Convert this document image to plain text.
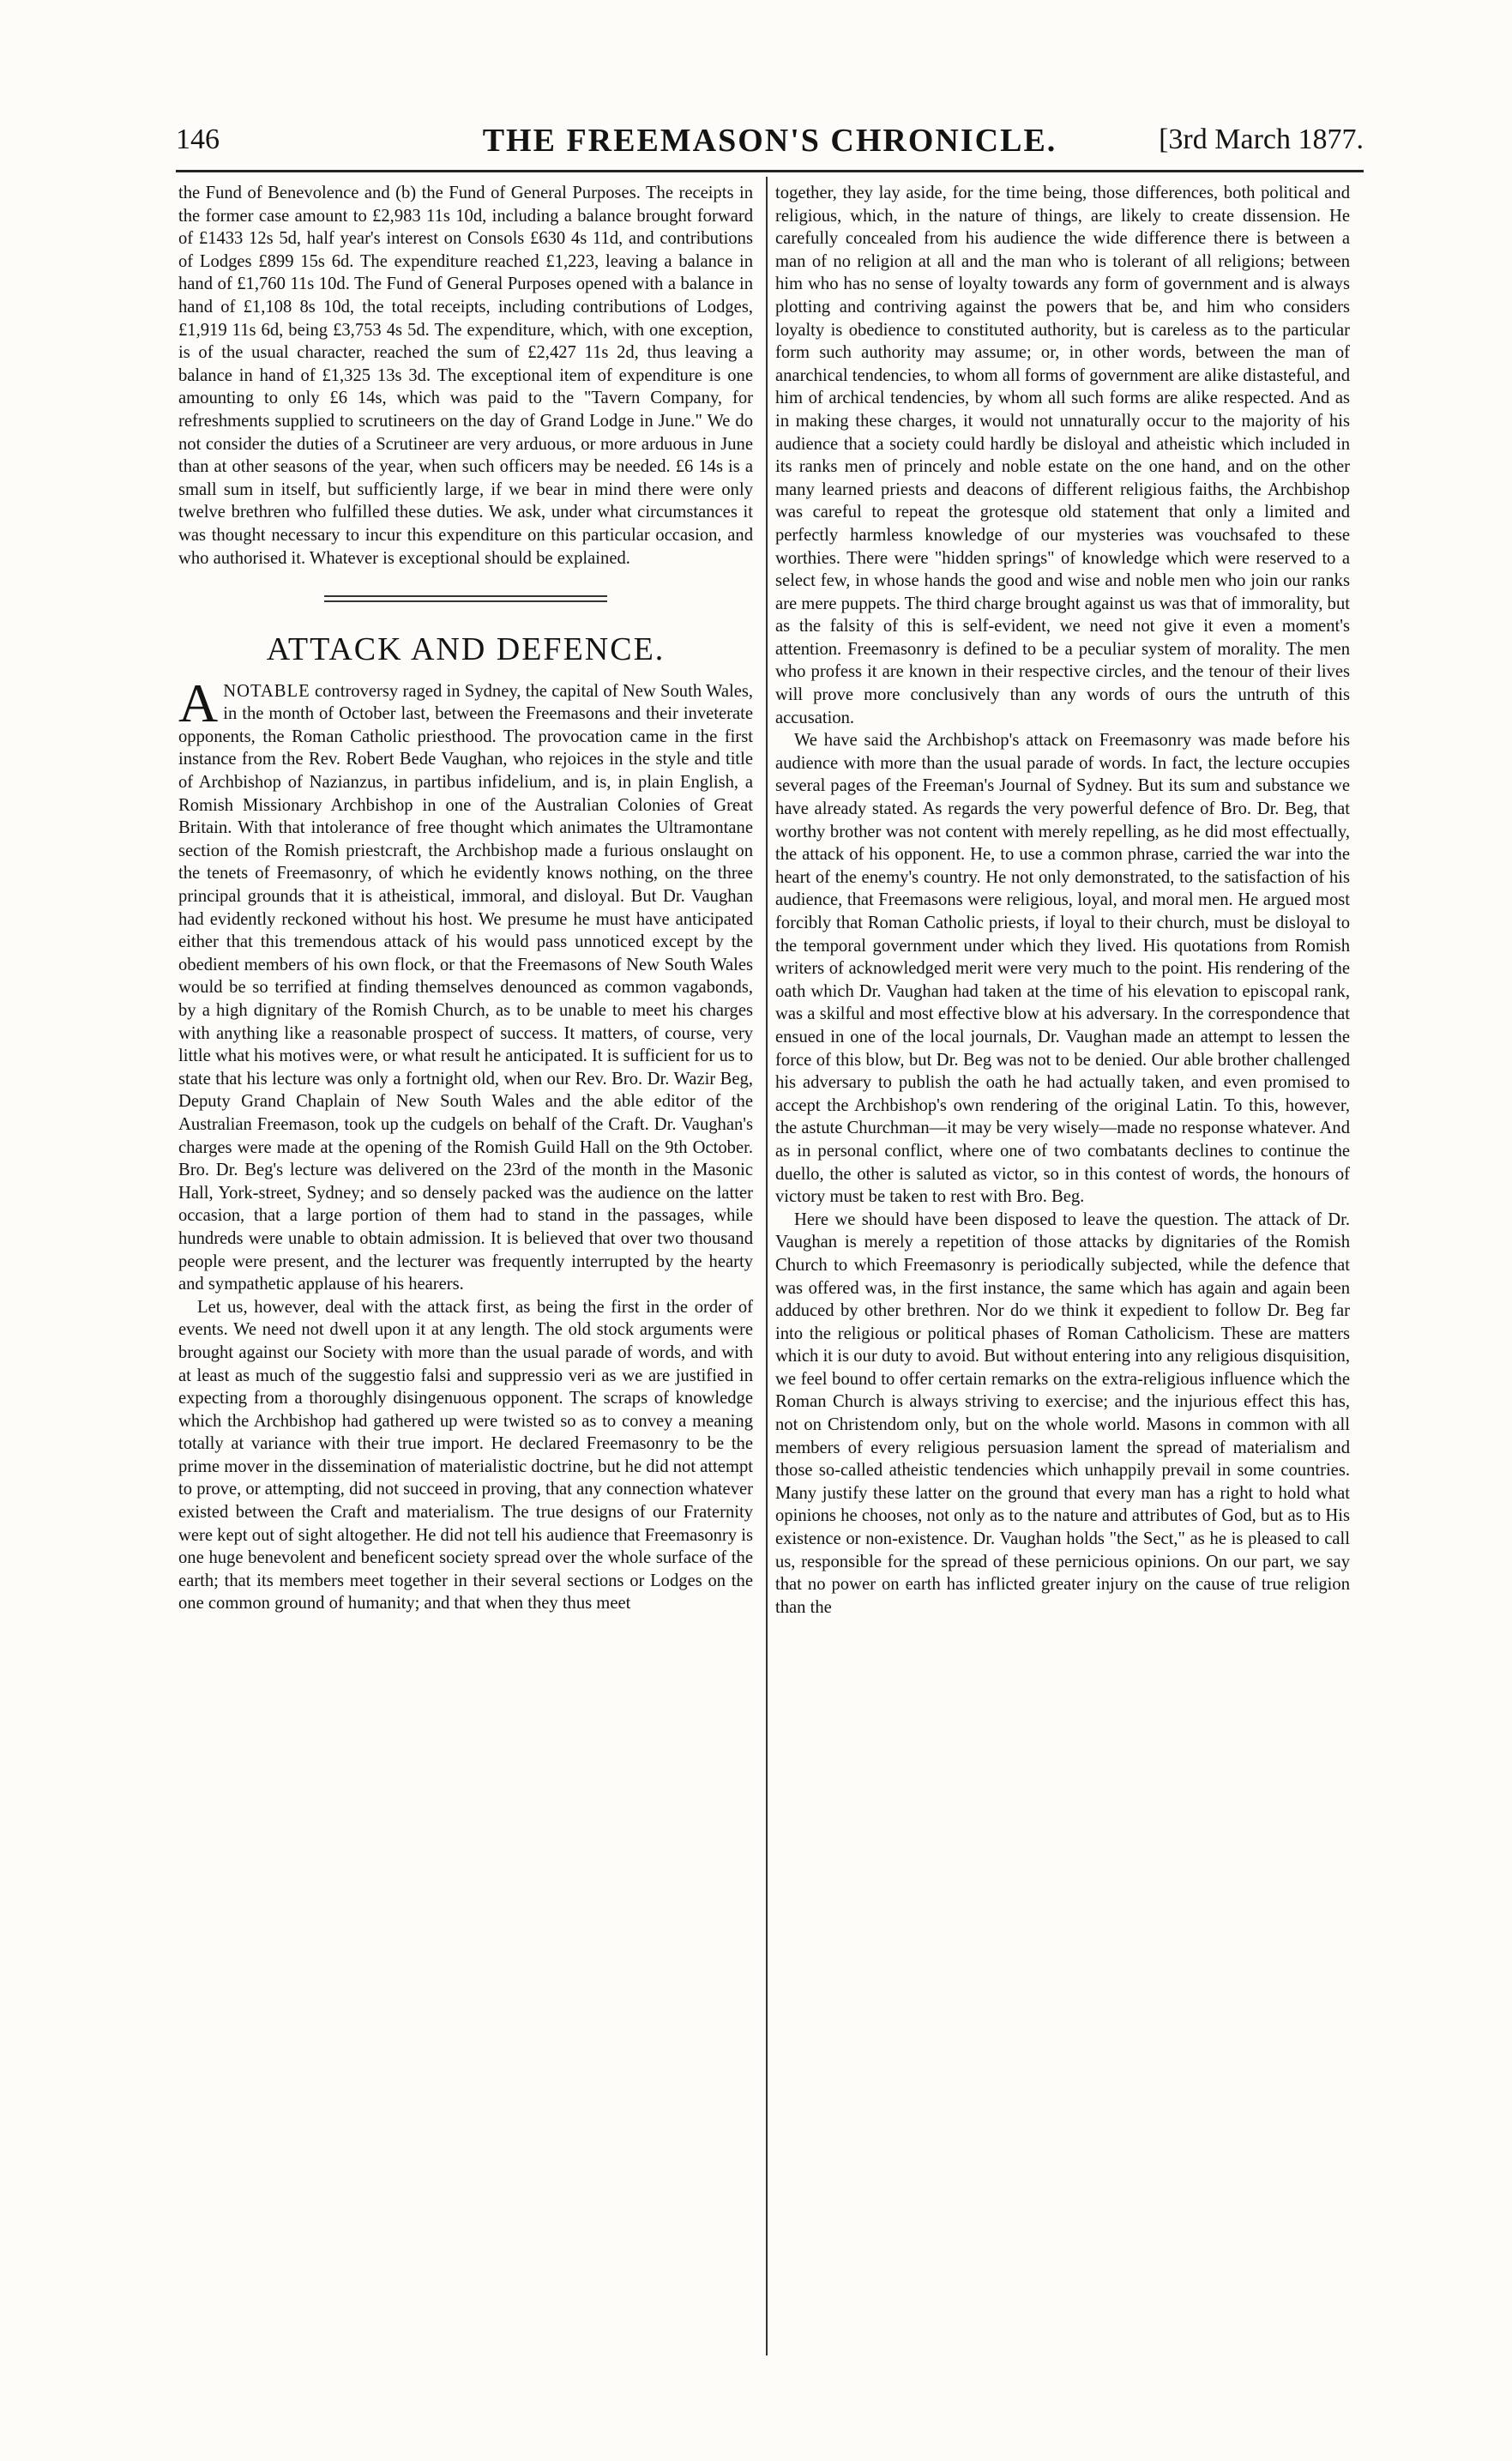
146	THE FREEMASON'S CHRONICLE.	[3rd March 1877.

the Fund of Benevolence and (b) the Fund of General Purposes. The receipts in the former case amount to £2,983 11s 10d, including a balance brought forward of £1433 12s 5d, half year's interest on Consols £630 4s 11d, and contributions of Lodges £899 15s 6d. The expenditure reached £1,223, leaving a balance in hand of £1,760 11s 10d. The Fund of General Purposes opened with a balance in hand of £1,108 8s 10d, the total receipts, including contributions of Lodges, £1,919 11s 6d, being £3,753 4s 5d. The expenditure, which, with one exception, is of the usual character, reached the sum of £2,427 11s 2d, thus leaving a balance in hand of £1,325 13s 3d. The exceptional item of expenditure is one amounting to only £6 14s, which was paid to the "Tavern Company, for refreshments supplied to scrutineers on the day of Grand Lodge in June." We do not consider the duties of a Scrutineer are very arduous, or more arduous in June than at other seasons of the year, when such officers may be needed. £6 14s is a small sum in itself, but sufficiently large, if we bear in mind there were only twelve brethren who fulfilled these duties. We ask, under what circumstances it was thought necessary to incur this expenditure on this particular occasion, and who authorised it. Whatever is exceptional should be explained.

ATTACK AND DEFENCE.

ANOTABLE controversy raged in Sydney, the capital of New South Wales, in the month of October last, between the Freemasons and their inveterate opponents, the Roman Catholic priesthood. The provocation came in the first instance from the Rev. Robert Bede Vaughan, who rejoices in the style and title of Archbishop of Nazianzus, in partibus infidelium, and is, in plain English, a Romish Missionary Archbishop in one of the Australian Colonies of Great Britain. With that intolerance of free thought which animates the Ultramontane section of the Romish priestcraft, the Archbishop made a furious onslaught on the tenets of Freemasonry, of which he evidently knows nothing, on the three principal grounds that it is atheistical, immoral, and disloyal. But Dr. Vaughan had evidently reckoned without his host. We presume he must have anticipated either that this tremendous attack of his would pass unnoticed except by the obedient members of his own flock, or that the Freemasons of New South Wales would be so terrified at finding themselves denounced as common vagabonds, by a high dignitary of the Romish Church, as to be unable to meet his charges with anything like a reasonable prospect of success. It matters, of course, very little what his motives were, or what result he anticipated. It is sufficient for us to state that his lecture was only a fortnight old, when our Rev. Bro. Dr. Wazir Beg, Deputy Grand Chaplain of New South Wales and the able editor of the Australian Freemason, took up the cudgels on behalf of the Craft. Dr. Vaughan's charges were made at the opening of the Romish Guild Hall on the 9th October. Bro. Dr. Beg's lecture was delivered on the 23rd of the month in the Masonic Hall, York-street, Sydney; and so densely packed was the audience on the latter occasion, that a large portion of them had to stand in the passages, while hundreds were unable to obtain admission. It is believed that over two thousand people were present, and the lecturer was frequently interrupted by the hearty and sympathetic applause of his hearers.

Let us, however, deal with the attack first, as being the first in the order of events. We need not dwell upon it at any length. The old stock arguments were brought against our Society with more than the usual parade of words, and with at least as much of the suggestio falsi and suppressio veri as we are justified in expecting from a thoroughly disingenuous opponent. The scraps of knowledge which the Archbishop had gathered up were twisted so as to convey a meaning totally at variance with their true import. He declared Freemasonry to be the prime mover in the dissemination of materialistic doctrine, but he did not attempt to prove, or attempting, did not succeed in proving, that any connection whatever existed between the Craft and materialism. The true designs of our Fraternity were kept out of sight altogether. He did not tell his audience that Freemasonry is one huge benevolent and beneficent society spread over the whole surface of the earth; that its members meet together in their several sections or Lodges on the one common ground of humanity; and that when they thus meet

together, they lay aside, for the time being, those differences, both political and religious, which, in the nature of things, are likely to create dissension. He carefully concealed from his audience the wide difference there is between a man of no religion at all and the man who is tolerant of all religions; between him who has no sense of loyalty towards any form of government and is always plotting and contriving against the powers that be, and him who considers loyalty is obedience to constituted authority, but is careless as to the particular form such authority may assume; or, in other words, between the man of anarchical tendencies, to whom all forms of government are alike distasteful, and him of archical tendencies, by whom all such forms are alike respected. And as in making these charges, it would not unnaturally occur to the majority of his audience that a society could hardly be disloyal and atheistic which included in its ranks men of princely and noble estate on the one hand, and on the other many learned priests and deacons of different religious faiths, the Archbishop was careful to repeat the grotesque old statement that only a limited and perfectly harmless knowledge of our mysteries was vouchsafed to these worthies. There were "hidden springs" of knowledge which were reserved to a select few, in whose hands the good and wise and noble men who join our ranks are mere puppets. The third charge brought against us was that of immorality, but as the falsity of this is self-evident, we need not give it even a moment's attention. Freemasonry is defined to be a peculiar system of morality. The men who profess it are known in their respective circles, and the tenour of their lives will prove more conclusively than any words of ours the untruth of this accusation.

We have said the Archbishop's attack on Freemasonry was made before his audience with more than the usual parade of words. In fact, the lecture occupies several pages of the Freeman's Journal of Sydney. But its sum and substance we have already stated. As regards the very powerful defence of Bro. Dr. Beg, that worthy brother was not content with merely repelling, as he did most effectually, the attack of his opponent. He, to use a common phrase, carried the war into the heart of the enemy's country. He not only demonstrated, to the satisfaction of his audience, that Freemasons were religious, loyal, and moral men. He argued most forcibly that Roman Catholic priests, if loyal to their church, must be disloyal to the temporal government under which they lived. His quotations from Romish writers of acknowledged merit were very much to the point. His rendering of the oath which Dr. Vaughan had taken at the time of his elevation to episcopal rank, was a skilful and most effective blow at his adversary. In the correspondence that ensued in one of the local journals, Dr. Vaughan made an attempt to lessen the force of this blow, but Dr. Beg was not to be denied. Our able brother challenged his adversary to publish the oath he had actually taken, and even promised to accept the Archbishop's own rendering of the original Latin. To this, however, the astute Churchman—it may be very wisely—made no response whatever. And as in personal conflict, where one of two combatants declines to continue the duello, the other is saluted as victor, so in this contest of words, the honours of victory must be taken to rest with Bro. Beg.

Here we should have been disposed to leave the question. The attack of Dr. Vaughan is merely a repetition of those attacks by dignitaries of the Romish Church to which Freemasonry is periodically subjected, while the defence that was offered was, in the first instance, the same which has again and again been adduced by other brethren. Nor do we think it expedient to follow Dr. Beg far into the religious or political phases of Roman Catholicism. These are matters which it is our duty to avoid. But without entering into any religious disquisition, we feel bound to offer certain remarks on the extra-religious influence which the Roman Church is always striving to exercise; and the injurious effect this has, not on Christendom only, but on the whole world. Masons in common with all members of every religious persuasion lament the spread of materialism and those so-called atheistic tendencies which unhappily prevail in some countries. Many justify these latter on the ground that every man has a right to hold what opinions he chooses, not only as to the nature and attributes of God, but as to His existence or non-existence. Dr. Vaughan holds "the Sect," as he is pleased to call us, responsible for the spread of these pernicious opinions. On our part, we say that no power on earth has inflicted greater injury on the cause of true religion than the
